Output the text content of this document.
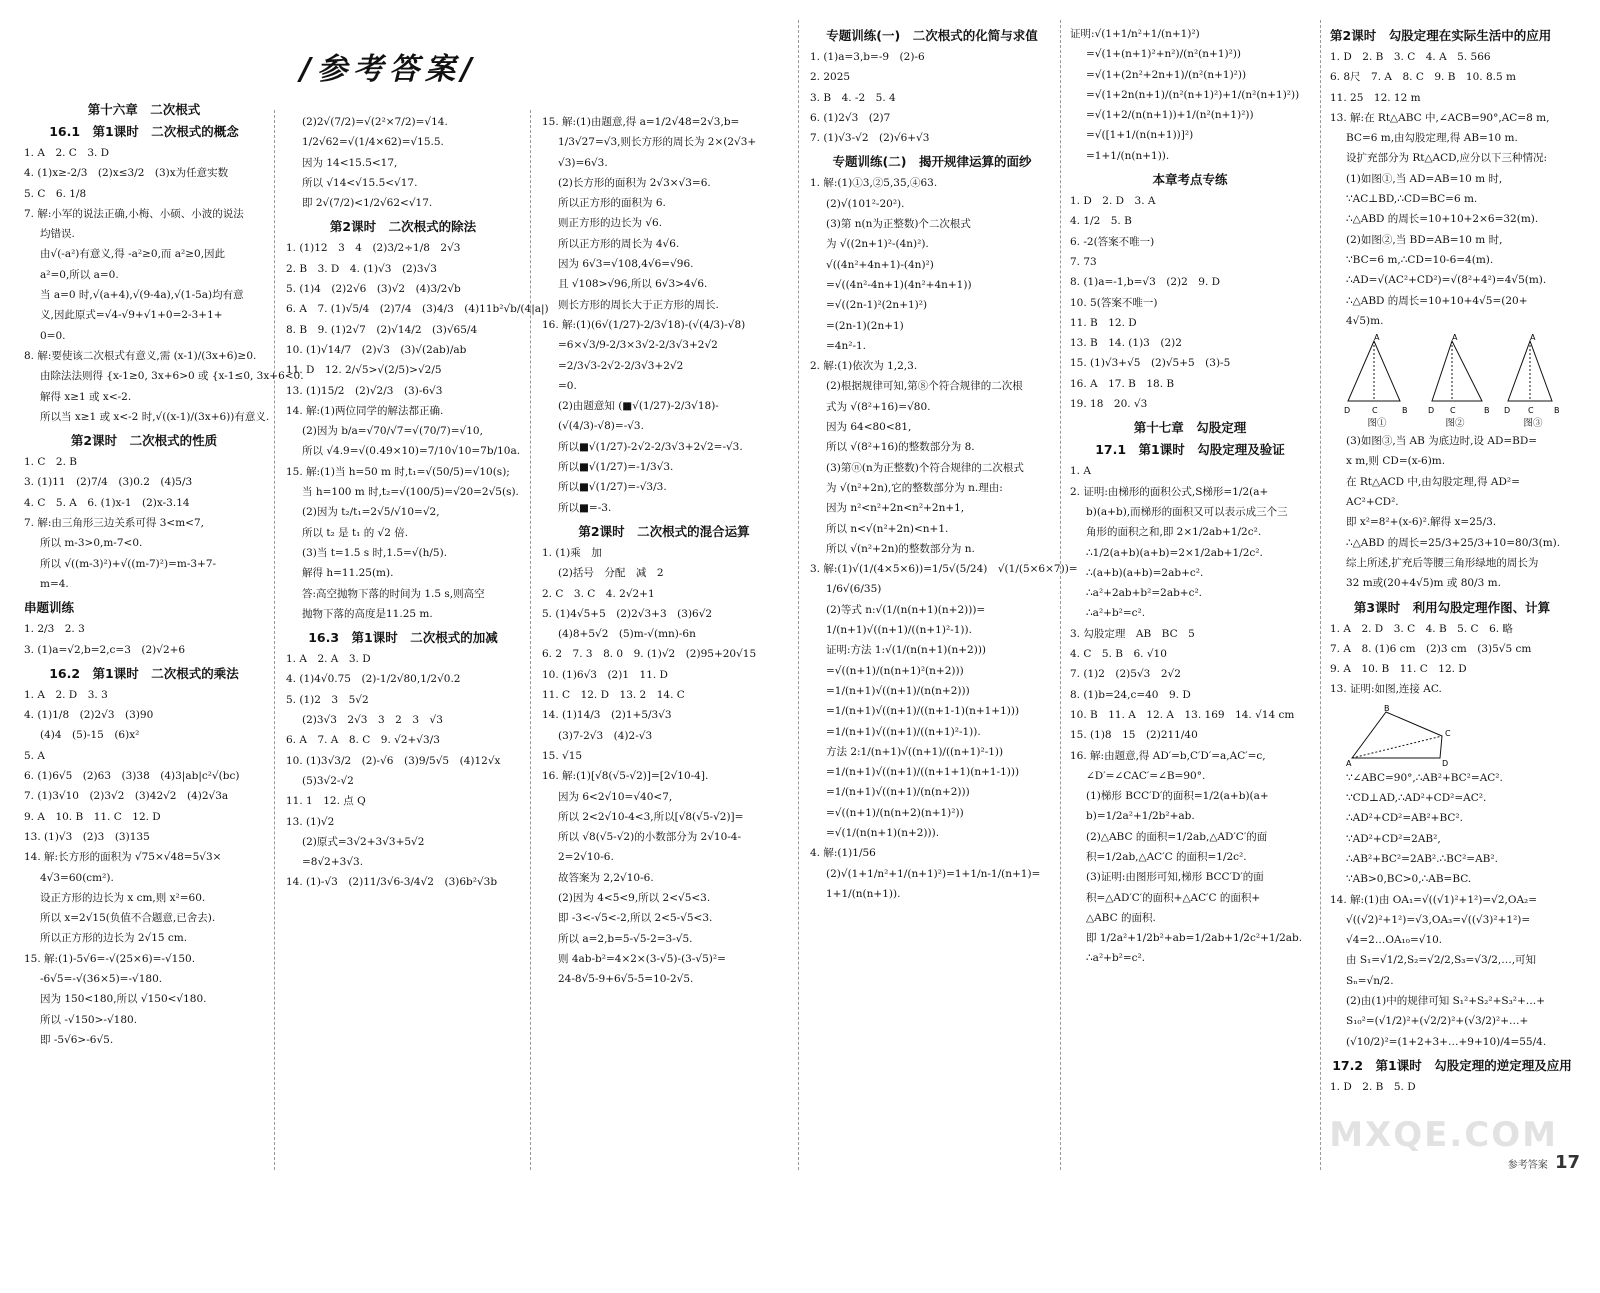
/参考答案/
第十六章　二次根式
16.1　第1课时　二次根式的概念
1. A　2. C　3. D
4. (1)x≥-2/3　(2)x≤3/2　(3)x为任意实数
5. C　6. 1/8
7. 解:小军的说法正确,小梅、小硕、小波的说法
均错误.
由√(-a²)有意义,得 -a²≥0,而 a²≥0,因此
a²=0,所以 a=0.
当 a=0 时,√(a+4),√(9-4a),√(1-5a)均有意
义,因此原式=√4-√9+√1+0=2-3+1+
0=0.
8. 解:要使该二次根式有意义,需 (x-1)/(3x+6)≥0.
由除法法则得 {x-1≥0, 3x+6>0 或 {x-1≤0, 3x+6<0.
解得 x≥1 或 x<-2.
所以当 x≥1 或 x<-2 时,√((x-1)/(3x+6))有意义.
第2课时　二次根式的性质
1. C　2. B
3. (1)11　(2)7/4　(3)0.2　(4)5/3
4. C　5. A　6. (1)x-1　(2)x-3.14
7. 解:由三角形三边关系可得 3<m<7,
所以 m-3>0,m-7<0.
所以 √((m-3)²)+√((m-7)²)=m-3+7-
m=4.
串题训练
1. 2/3　2. 3
3. (1)a=√2,b=2,c=3　(2)√2+6
16.2　第1课时　二次根式的乘法
1. A　2. D　3. 3
4. (1)1/8　(2)2√3　(3)90
(4)4　(5)-15　(6)x²
5. A
6. (1)6√5　(2)63　(3)38　(4)3|ab|c²√(bc)
7. (1)3√10　(2)3√2　(3)42√2　(4)2√3a
9. A　10. B　11. C　12. D
13. (1)√3　(2)3　(3)135
14. 解:长方形的面积为 √75×√48=5√3×
4√3=60(cm²).
设正方形的边长为 x cm,则 x²=60.
所以 x=2√15(负值不合题意,已舍去).
所以正方形的边长为 2√15 cm.
15. 解:(1)-5√6=-√(25×6)=-√150.
-6√5=-√(36×5)=-√180.
因为 150<180,所以 √150<√180.
所以 -√150>-√180.
即 -5√6>-6√5.
(2)2√(7/2)=√(2²×7/2)=√14.
1/2√62=√(1/4×62)=√15.5.
因为 14<15.5<17,
所以 √14<√15.5<√17.
即 2√(7/2)<1/2√62<√17.
第2课时　二次根式的除法
1. (1)12　3　4　(2)3/2÷1/8　2√3
2. B　3. D　4. (1)√3　(2)3√3
5. (1)4　(2)2√6　(3)√2　(4)3/2√b
6. A　7. (1)√5/4　(2)7/4　(3)4/3　(4)11b²√b/(4|a|)
8. B　9. (1)2√7　(2)√14/2　(3)√65/4
10. (1)√14/7　(2)√3　(3)√(2ab)/ab
11. D　12. 2/√5>√(2/5)>√2/5
13. (1)15/2　(2)√2/3　(3)-6√3
14. 解:(1)两位同学的解法都正确.
(2)因为 b/a=√70/√7=√(70/7)=√10,
所以 √4.9=√(0.49×10)=7/10√10=7b/10a.
15. 解:(1)当 h=50 m 时,t₁=√(50/5)=√10(s);
当 h=100 m 时,t₂=√(100/5)=√20=2√5(s).
(2)因为 t₂/t₁=2√5/√10=√2,
所以 t₂ 是 t₁ 的 √2 倍.
(3)当 t=1.5 s 时,1.5=√(h/5).
解得 h=11.25(m).
答:高空抛物下落的时间为 1.5 s,则高空
抛物下落的高度是11.25 m.
16.3　第1课时　二次根式的加减
1. A　2. A　3. D
4. (1)4√0.75　(2)-1/2√80,1/2√0.2
5. (1)2　3　5√2
(2)3√3　2√3　3　2　3　√3
6. A　7. A　8. C　9. √2+√3/3
10. (1)3√3/2　(2)-√6　(3)9/5√5　(4)12√x
(5)3√2-√2
11. 1　12. 点 Q
13. (1)√2
(2)原式=3√2+3√3+5√2
=8√2+3√3.
14. (1)-√3　(2)11/3√6-3/4√2　(3)6b²√3b
15. 解:(1)由题意,得 a=1/2√48=2√3,b=
1/3√27=√3,则长方形的周长为 2×(2√3+
√3)=6√3.
(2)长方形的面积为 2√3×√3=6.
所以正方形的面积为 6.
则正方形的边长为 √6.
所以正方形的周长为 4√6.
因为 6√3=√108,4√6=√96.
且 √108>√96,所以 6√3>4√6.
则长方形的周长大于正方形的周长.
16. 解:(1)(6√(1/27)-2/3√18)-(√(4/3)-√8)
=6×√3/9-2/3×3√2-2/3√3+2√2
=2/3√3-2√2-2/3√3+2√2
=0.
(2)由题意知 (■√(1/27)-2/3√18)-
(√(4/3)-√8)=-√3.
所以■√(1/27)-2√2-2/3√3+2√2=-√3.
所以■√(1/27)=-1/3√3.
所以■√(1/27)=-√3/3.
所以■=-3.
第2课时　二次根式的混合运算
1. (1)乘　加
(2)括号　分配　减　2
2. C　3. C　4. 2√2+1
5. (1)4√5+5　(2)2√3+3　(3)6√2
(4)8+5√2　(5)m-√(mn)-6n
6. 2　7. 3　8. 0　9. (1)√2　(2)95+20√15
10. (1)6√3　(2)1　11. D
11. C　12. D　13. 2　14. C
14. (1)14/3　(2)1+5/3√3
(3)7-2√3　(4)2-√3
15. √15
16. 解:(1)[√8(√5-√2)]=[2√10-4].
因为 6<2√10=√40<7,
所以 2<2√10-4<3,所以[√8(√5-√2)]=
所以 √8(√5-√2)的小数部分为 2√10-4-
2=2√10-6.
故答案为 2,2√10-6.
(2)因为 4<5<9,所以 2<√5<3.
即 -3<-√5<-2,所以 2<5-√5<3.
所以 a=2,b=5-√5-2=3-√5.
则 4ab-b²=4×2×(3-√5)-(3-√5)²=
24-8√5-9+6√5-5=10-2√5.
专题训练(一)　二次根式的化简与求值
1. (1)a=3,b=-9　(2)-6
2. 2025
3. B　4. -2　5. 4
6. (1)2√3　(2)7
7. (1)√3-√2　(2)√6+√3
专题训练(二)　揭开规律运算的面纱
1. 解:(1)①3,②5,35,④63.
(2)√(101²-20²).
(3)第 n(n为正整数)个二次根式
为 √((2n+1)²-(4n)²).
√((4n²+4n+1)-(4n)²)
=√((4n²-4n+1)(4n²+4n+1))
=√((2n-1)²(2n+1)²)
=(2n-1)(2n+1)
=4n²-1.
2. 解:(1)依次为 1,2,3.
(2)根据规律可知,第⑧个符合规律的二次根
式为 √(8²+16)=√80.
因为 64<80<81,
所以 √(8²+16)的整数部分为 8.
(3)第ⓝ(n为正整数)个符合规律的二次根式
为 √(n²+2n),它的整数部分为 n.理由:
因为 n²<n²+2n<n²+2n+1,
所以 n<√(n²+2n)<n+1.
所以 √(n²+2n)的整数部分为 n.
3. 解:(1)√(1/(4×5×6))=1/5√(5/24)　√(1/(5×6×7))=
1/6√(6/35)
(2)等式 n:√(1/(n(n+1)(n+2)))=
1/(n+1)√((n+1)/((n+1)²-1)).
证明:方法 1:√(1/(n(n+1)(n+2)))
=√((n+1)/(n(n+1)²(n+2)))
=1/(n+1)√((n+1)/(n(n+2)))
=1/(n+1)√((n+1)/((n+1-1)(n+1+1)))
=1/(n+1)√((n+1)/((n+1)²-1)).
方法 2:1/(n+1)√((n+1)/((n+1)²-1))
=1/(n+1)√((n+1)/((n+1+1)(n+1-1)))
=1/(n+1)√((n+1)/(n(n+2)))
=√((n+1)/(n(n+2)(n+1)²))
=√(1/(n(n+1)(n+2))).
4. 解:(1)1/56
(2)√(1+1/n²+1/(n+1)²)=1+1/n-1/(n+1)=
1+1/(n(n+1)).
证明:√(1+1/n²+1/(n+1)²)
=√(1+(n+1)²+n²)/(n²(n+1)²))
=√(1+(2n²+2n+1)/(n²(n+1)²))
=√(1+2n(n+1)/(n²(n+1)²)+1/(n²(n+1)²))
=√(1+2/(n(n+1))+1/(n²(n+1)²))
=√([1+1/(n(n+1))]²)
=1+1/(n(n+1)).
本章考点专练
1. D　2. D　3. A
4. 1/2　5. B
6. -2(答案不唯一)
7. 73
8. (1)a=-1,b=√3　(2)2　9. D
10. 5(答案不唯一)
11. B　12. D
13. B　14. (1)3　(2)2
15. (1)√3+√5　(2)√5+5　(3)-5
16. A　17. B　18. B
19. 18　20. √3
第十七章　勾股定理
17.1　第1课时　勾股定理及验证
1. A
2. 证明:由梯形的面积公式,S梯形=1/2(a+
b)(a+b),而梯形的面积又可以表示成三个三
角形的面积之和,即 2×1/2ab+1/2c².
∴1/2(a+b)(a+b)=2×1/2ab+1/2c².
∴(a+b)(a+b)=2ab+c².
∴a²+2ab+b²=2ab+c².
∴a²+b²=c².
3. 勾股定理　AB　BC　5
4. C　5. B　6. √10
7. (1)2　(2)5√3　2√2
8. (1)b=24,c=40　9. D
10. B　11. A　12. A　13. 169　14. √14 cm
15. (1)8　15　(2)211/40
16. 解:由题意,得 AD′=b,C′D′=a,AC′=c,
∠D′=∠CAC′=∠B=90°.
(1)梯形 BCC′D′的面积=1/2(a+b)(a+
b)=1/2a²+1/2b²+ab.
(2)△ABC 的面积=1/2ab,△AD′C′的面
积=1/2ab,△AC′C 的面积=1/2c².
(3)证明:由图形可知,梯形 BCC′D′的面
积=△AD′C′的面积+△AC′C 的面积+
△ABC 的面积.
即 1/2a²+1/2b²+ab=1/2ab+1/2c²+1/2ab.
∴a²+b²=c².
第2课时　勾股定理在实际生活中的应用
1. D　2. B　3. C　4. A　5. 566
6. 8尺　7. A　8. C　9. B　10. 8.5 m
11. 25　12. 12 m
13. 解:在 Rt△ABC 中,∠ACB=90°,AC=8 m,
BC=6 m,由勾股定理,得 AB=10 m.
设扩充部分为 Rt△ACD,应分以下三种情况:
(1)如图①,当 AD=AB=10 m 时,
∵AC⊥BD,∴CD=BC=6 m.
∴△ABD 的周长=10+10+2×6=32(m).
(2)如图②,当 BD=AB=10 m 时,
∵BC=6 m,∴CD=10-6=4(m).
∴AD=√(AC²+CD²)=√(8²+4²)=4√5(m).
∴△ABD 的周长=10+10+4√5=(20+
4√5)m.
A
D	C	B
图①
A
D C	B
图②
A
D C	B
图③
(3)如图③,当 AB 为底边时,设 AD=BD=
x m,则 CD=(x-6)m.
在 Rt△ACD 中,由勾股定理,得 AD²=
AC²+CD².
即 x²=8²+(x-6)².解得 x=25/3.
∴△ABD 的周长=25/3+25/3+10=80/3(m).
综上所述,扩充后等腰三角形绿地的周长为
32 m或(20+4√5)m 或 80/3 m.
第3课时　利用勾股定理作图、计算
1. A　2. D　3. C　4. B　5. C　6. 略
7. A　8. (1)6 cm　(2)3 cm　(3)5√5 cm
9. A　10. B　11. C　12. D
13. 证明:如图,连接 AC.
A
B
C
D
∵∠ABC=90°,∴AB²+BC²=AC².
∵CD⊥AD,∴AD²+CD²=AC².
∴AD²+CD²=AB²+BC².
∵AD²+CD²=2AB²,
∴AB²+BC²=2AB².∴BC²=AB².
∵AB>0,BC>0,∴AB=BC.
14. 解:(1)由 OA₁=√((√1)²+1²)=√2,OA₂=
√((√2)²+1²)=√3,OA₃=√((√3)²+1²)=
√4=2…OA₁₀=√10.
由 S₁=√1/2,S₂=√2/2,S₃=√3/2,…,可知
Sₙ=√n/2.
(2)由(1)中的规律可知 S₁²+S₂²+S₃²+…+
S₁₀²=(√1/2)²+(√2/2)²+(√3/2)²+…+
(√10/2)²=(1+2+3+…+9+10)/4=55/4.
17.2　第1课时　勾股定理的逆定理及应用
1. D　2. B　5. D
MXQE.COM
参考答案 17
